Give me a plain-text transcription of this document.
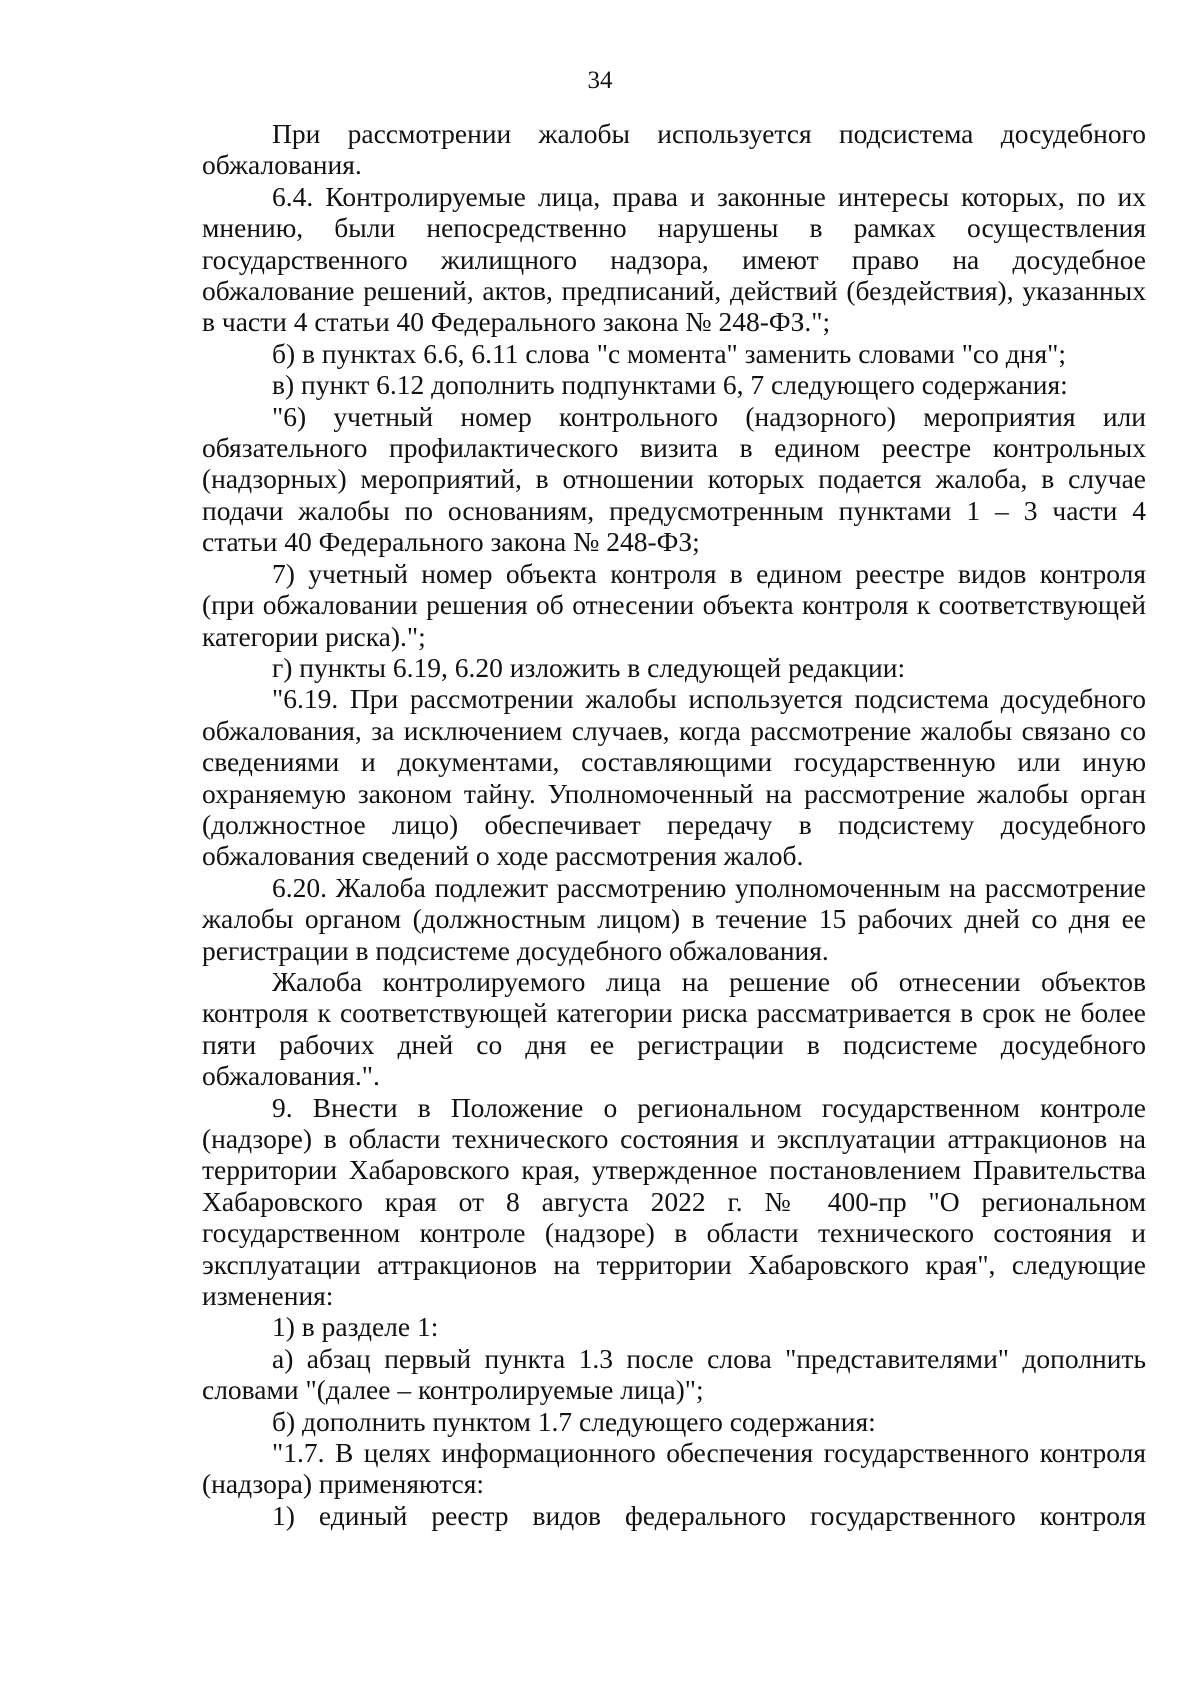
34

При рассмотрении жалобы используется подсистема досудебного обжалования.

6.4. Контролируемые лица, права и законные интересы которых, по их мнению, были непосредственно нарушены в рамках осуществления государственного жилищного надзора, имеют право на досудебное обжалование решений, актов, предписаний, действий (бездействия), указанных в части 4 статьи 40 Федерального закона № 248-ФЗ.";

б) в пунктах 6.6, 6.11 слова "с момента" заменить словами "со дня";

в) пункт 6.12 дополнить подпунктами 6, 7 следующего содержания:

"6) учетный номер контрольного (надзорного) мероприятия или обязательного профилактического визита в едином реестре контрольных (надзорных) мероприятий, в отношении которых подается жалоба, в случае подачи жалобы по основаниям, предусмотренным пунктами 1 – 3 части 4 статьи 40 Федерального закона № 248-ФЗ;

7) учетный номер объекта контроля в едином реестре видов контроля (при обжаловании решения об отнесении объекта контроля к соответствующей категории риска).";

г) пункты 6.19, 6.20 изложить в следующей редакции:

"6.19. При рассмотрении жалобы используется подсистема досудебного обжалования, за исключением случаев, когда рассмотрение жалобы связано со сведениями и документами, составляющими государственную или иную охраняемую законом тайну. Уполномоченный на рассмотрение жалобы орган (должностное лицо) обеспечивает передачу в подсистему досудебного обжалования сведений о ходе рассмотрения жалоб.

6.20. Жалоба подлежит рассмотрению уполномоченным на рассмотрение жалобы органом (должностным лицом) в течение 15 рабочих дней со дня ее регистрации в подсистеме досудебного обжалования.

Жалоба контролируемого лица на решение об отнесении объектов контроля к соответствующей категории риска рассматривается в срок не более пяти рабочих дней со дня ее регистрации в подсистеме досудебного обжалования.".

9. Внести в Положение о региональном государственном контроле (надзоре) в области технического состояния и эксплуатации аттракционов на территории Хабаровского края, утвержденное постановлением Правительства Хабаровского края от 8 августа 2022 г. № 400-пр "О региональном государственном контроле (надзоре) в области технического состояния и эксплуатации аттракционов на территории Хабаровского края", следующие изменения:

1) в разделе 1:

а) абзац первый пункта 1.3 после слова "представителями" дополнить словами "(далее – контролируемые лица)";

б) дополнить пунктом 1.7 следующего содержания:

"1.7. В целях информационного обеспечения государственного контроля (надзора) применяются:

1) единый реестр видов федерального государственного контроля
